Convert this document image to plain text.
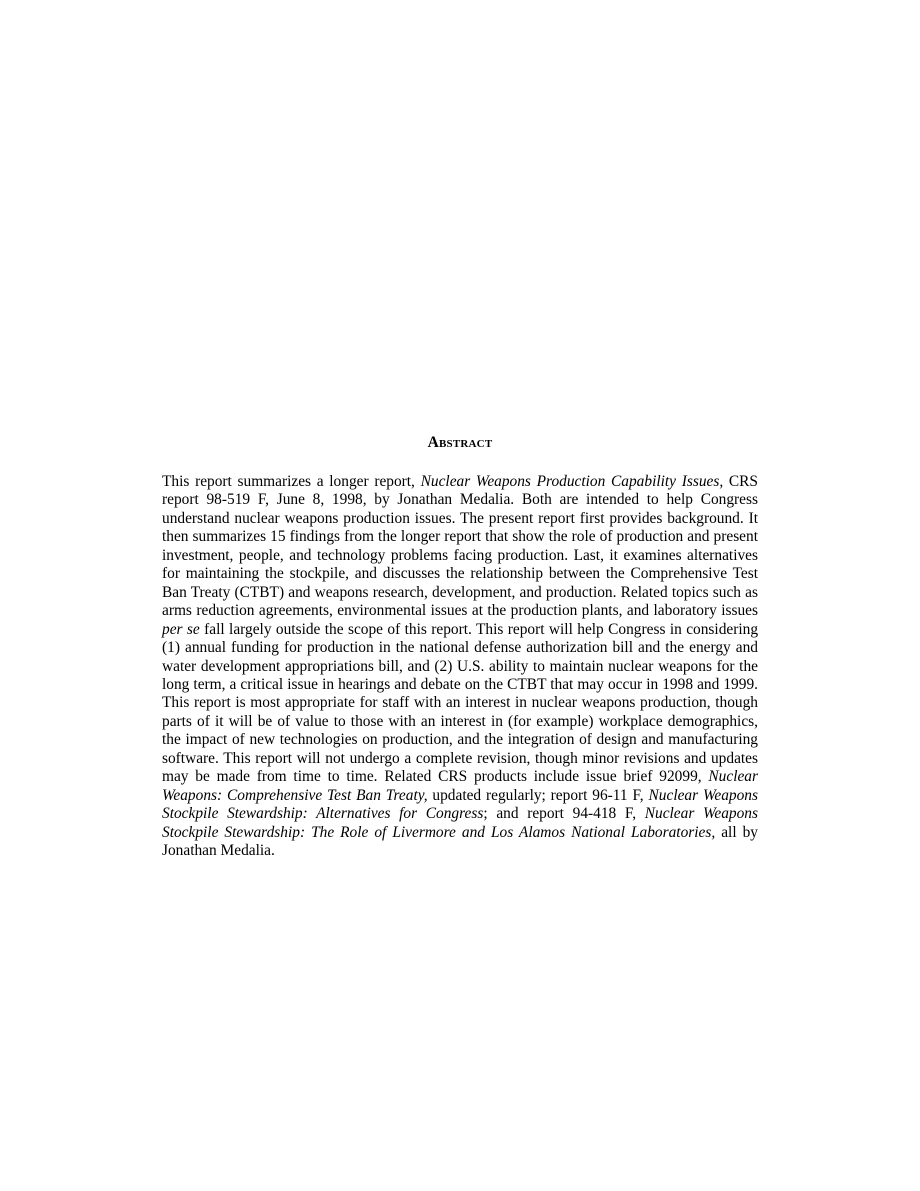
Abstract

This report summarizes a longer report, Nuclear Weapons Production Capability Issues, CRS report 98-519 F, June 8, 1998, by Jonathan Medalia. Both are intended to help Congress understand nuclear weapons production issues. The present report first provides background. It then summarizes 15 findings from the longer report that show the role of production and present investment, people, and technology problems facing production. Last, it examines alternatives for maintaining the stockpile, and discusses the relationship between the Comprehensive Test Ban Treaty (CTBT) and weapons research, development, and production. Related topics such as arms reduction agreements, environmental issues at the production plants, and laboratory issues per se fall largely outside the scope of this report. This report will help Congress in considering (1) annual funding for production in the national defense authorization bill and the energy and water development appropriations bill, and (2) U.S. ability to maintain nuclear weapons for the long term, a critical issue in hearings and debate on the CTBT that may occur in 1998 and 1999. This report is most appropriate for staff with an interest in nuclear weapons production, though parts of it will be of value to those with an interest in (for example) workplace demographics, the impact of new technologies on production, and the integration of design and manufacturing software. This report will not undergo a complete revision, though minor revisions and updates may be made from time to time. Related CRS products include issue brief 92099, Nuclear Weapons: Comprehensive Test Ban Treaty, updated regularly; report 96-11 F, Nuclear Weapons Stockpile Stewardship: Alternatives for Congress; and report 94-418 F, Nuclear Weapons Stockpile Stewardship: The Role of Livermore and Los Alamos National Laboratories, all by Jonathan Medalia.
